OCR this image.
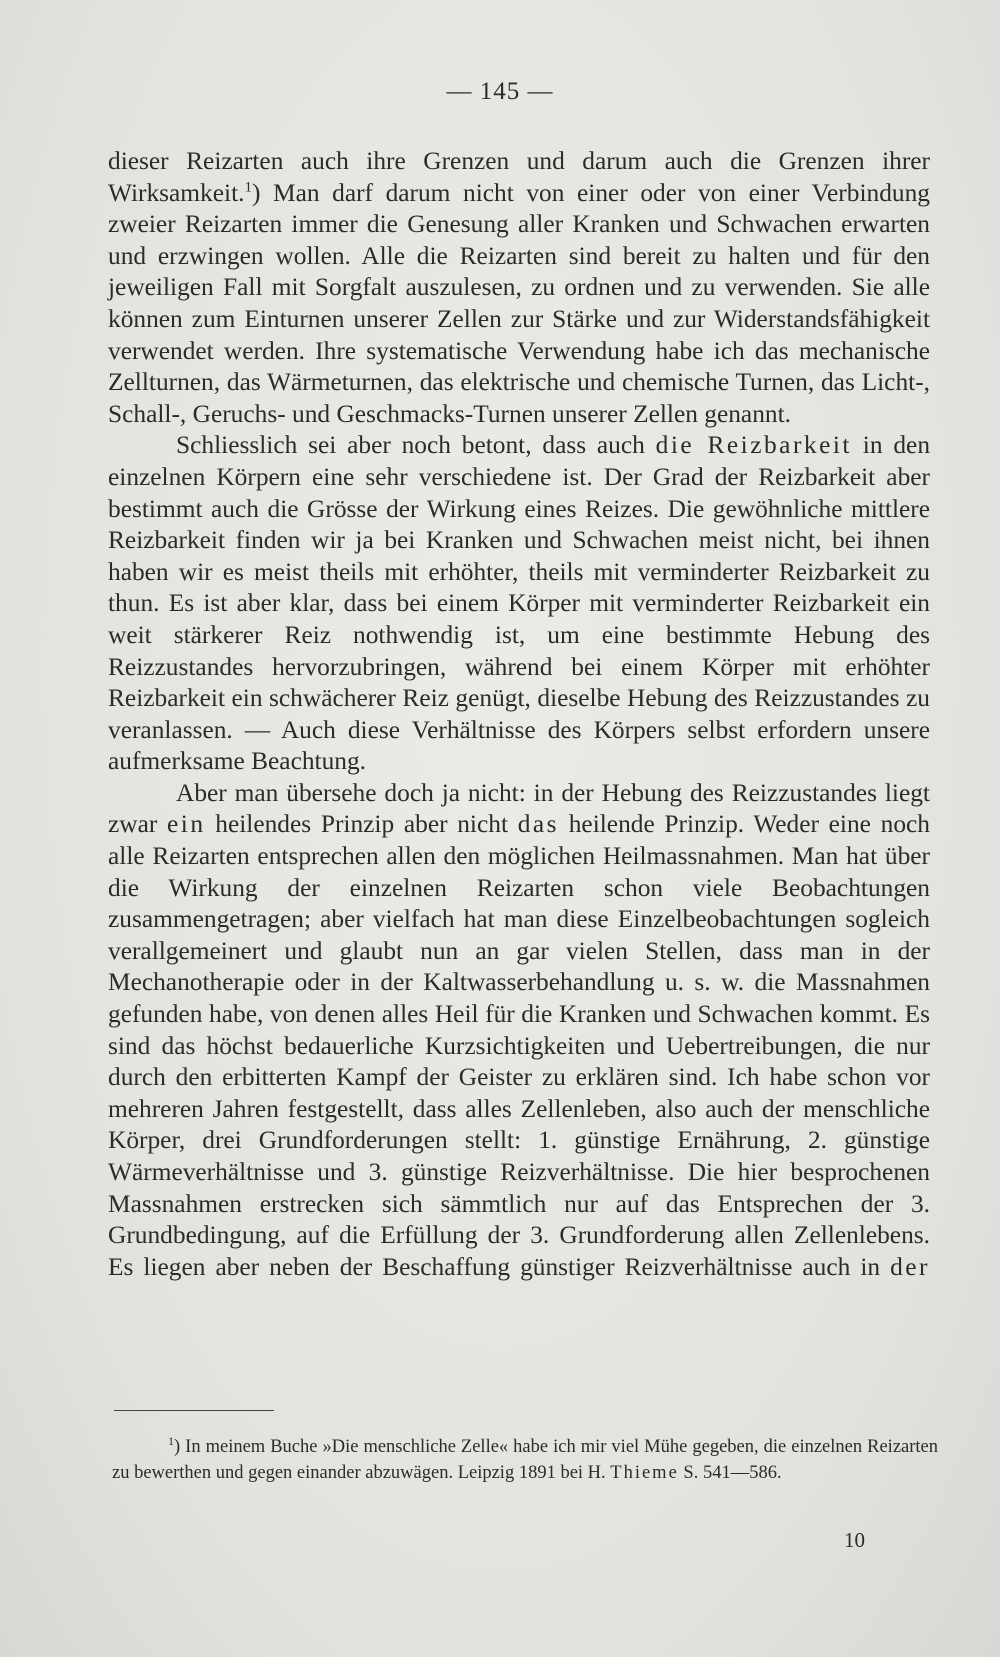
— 145 —

dieser Reizarten auch ihre Grenzen und darum auch die Grenzen ihrer Wirksamkeit.$^1$) Man darf darum nicht von einer oder von einer Verbindung zweier Reizarten immer die Genesung aller Kranken und Schwachen erwarten und erzwingen wollen. Alle die Reizarten sind bereit zu halten und für den jeweiligen Fall mit Sorgfalt auszulesen, zu ordnen und zu verwenden. Sie alle können zum Einturnen unserer Zellen zur Stärke und zur Widerstandsfähigkeit verwendet werden. Ihre systematische Verwendung habe ich das mechanische Zellturnen, das Wärmeturnen, das elektrische und chemische Turnen, das Licht-, Schall-, Geruchs- und Geschmacks-Turnen unserer Zellen genannt.

Schliesslich sei aber noch betont, dass auch die Reizbarkeit in den einzelnen Körpern eine sehr verschiedene ist. Der Grad der Reizbarkeit aber bestimmt auch die Grösse der Wirkung eines Reizes. Die gewöhnliche mittlere Reizbarkeit finden wir ja bei Kranken und Schwachen meist nicht, bei ihnen haben wir es meist theils mit erhöhter, theils mit verminderter Reizbarkeit zu thun. Es ist aber klar, dass bei einem Körper mit verminderter Reizbarkeit ein weit stärkerer Reiz nothwendig ist, um eine bestimmte Hebung des Reizzustandes hervorzubringen, während bei einem Körper mit erhöhter Reizbarkeit ein schwächerer Reiz genügt, dieselbe Hebung des Reizzustandes zu veranlassen. — Auch diese Verhältnisse des Körpers selbst erfordern unsere aufmerksame Beachtung.

Aber man übersehe doch ja nicht: in der Hebung des Reizzustandes liegt zwar ein heilendes Prinzip aber nicht das heilende Prinzip. Weder eine noch alle Reizarten entsprechen allen den möglichen Heilmassnahmen. Man hat über die Wirkung der einzelnen Reizarten schon viele Beobachtungen zusammengetragen; aber vielfach hat man diese Einzelbeobachtungen sogleich verallgemeinert und glaubt nun an gar vielen Stellen, dass man in der Mechanotherapie oder in der Kaltwasserbehandlung u. s. w. die Massnahmen gefunden habe, von denen alles Heil für die Kranken und Schwachen kommt. Es sind das höchst bedauerliche Kurzsichtigkeiten und Uebertreibungen, die nur durch den erbitterten Kampf der Geister zu erklären sind. Ich habe schon vor mehreren Jahren festgestellt, dass alles Zellenleben, also auch der menschliche Körper, drei Grundforderungen stellt: 1. günstige Ernährung, 2. günstige Wärmeverhältnisse und 3. günstige Reizverhältnisse. Die hier besprochenen Massnahmen erstrecken sich sämmtlich nur auf das Entsprechen der 3. Grundbedingung, auf die Erfüllung der 3. Grundforderung allen Zellenlebens. Es liegen aber neben der Beschaffung günstiger Reizverhältnisse auch in der

$^1$) In meinem Buche »Die menschliche Zelle« habe ich mir viel Mühe gegeben, die einzelnen Reizarten zu bewerthen und gegen einander abzuwägen. Leipzig 1891 bei H. Thieme S. 541—586.

10
